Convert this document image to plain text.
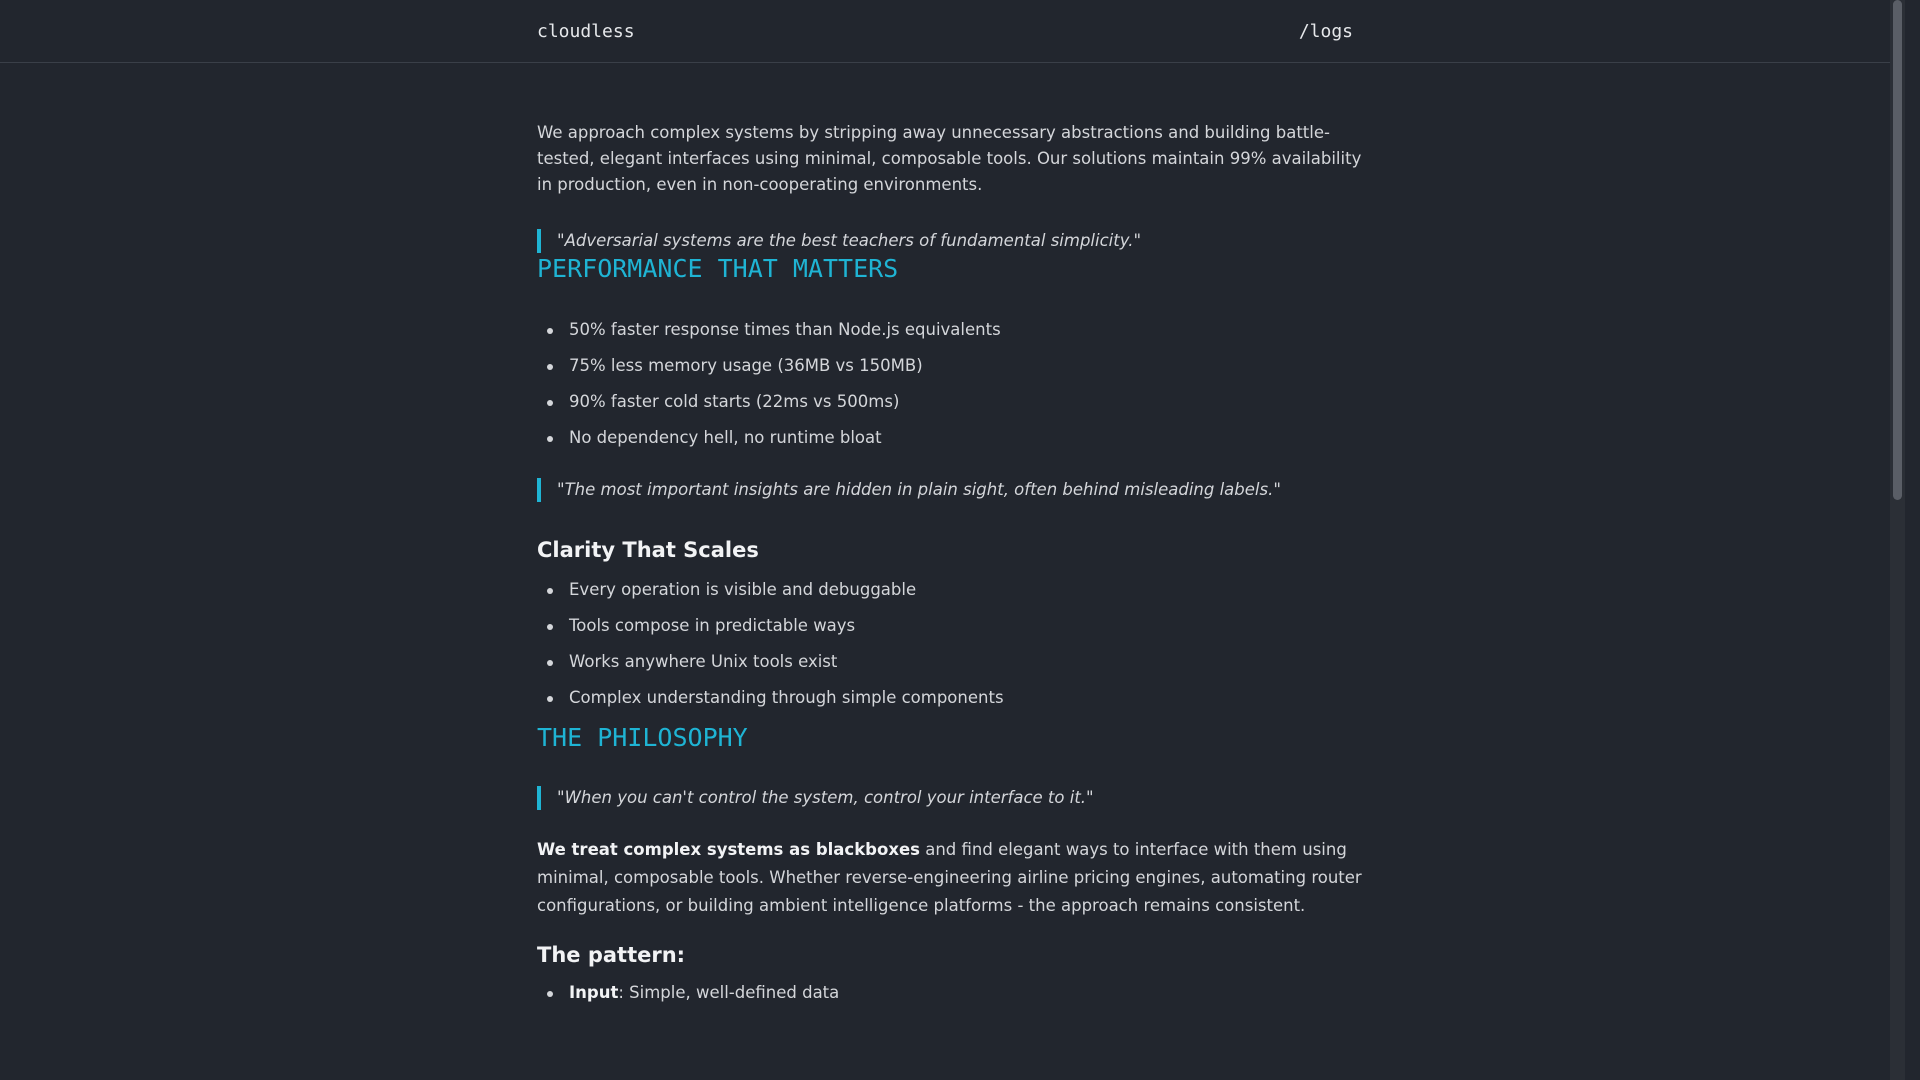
cloudless	/logs

We approach complex systems by stripping away unnecessary abstractions and building battle-tested, elegant interfaces using minimal, composable tools. Our solutions maintain 99% availability in production, even in non-cooperating environments.

"Adversarial systems are the best teachers of fundamental simplicity."
PERFORMANCE THAT MATTERS
50% faster response times than Node.js equivalents
75% less memory usage (36MB vs 150MB)
90% faster cold starts (22ms vs 500ms)
No dependency hell, no runtime bloat
"The most important insights are hidden in plain sight, often behind misleading labels."
Clarity That Scales
Every operation is visible and debuggable
Tools compose in predictable ways
Works anywhere Unix tools exist
Complex understanding through simple components
THE PHILOSOPHY
"When you can't control the system, control your interface to it."

We treat complex systems as blackboxes and find elegant ways to interface with them using minimal, composable tools. Whether reverse-engineering airline pricing engines, automating router configurations, or building ambient intelligence platforms - the approach remains consistent.

The pattern:
Input: Simple, well-defined data
